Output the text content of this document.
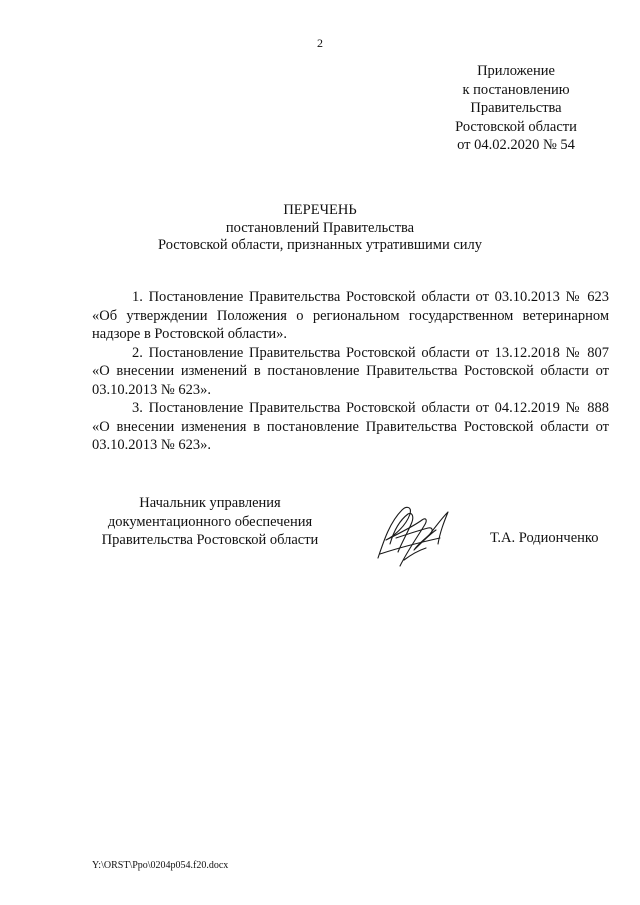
2
Приложение
к постановлению
Правительства
Ростовской области
от 04.02.2020 № 54
ПЕРЕЧЕНЬ
постановлений Правительства
Ростовской области, признанных утратившими силу

1. Постановление Правительства Ростовской области от 03.10.2013 № 623 «Об утверждении Положения о региональном государственном ветеринарном надзоре в Ростовской области».

2. Постановление Правительства Ростовской области от 13.12.2018 № 807 «О внесении изменений в постановление Правительства Ростовской области от 03.10.2013 № 623».

3. Постановление Правительства Ростовской области от 04.12.2019 № 888 «О внесении изменения в постановление Правительства Ростовской области от 03.10.2013 № 623».

Начальник управления
документационного обеспечения
Правительства Ростовской области	Т.А. Родионченко
Y:\ORST\Ppo\0204p054.f20.docx
